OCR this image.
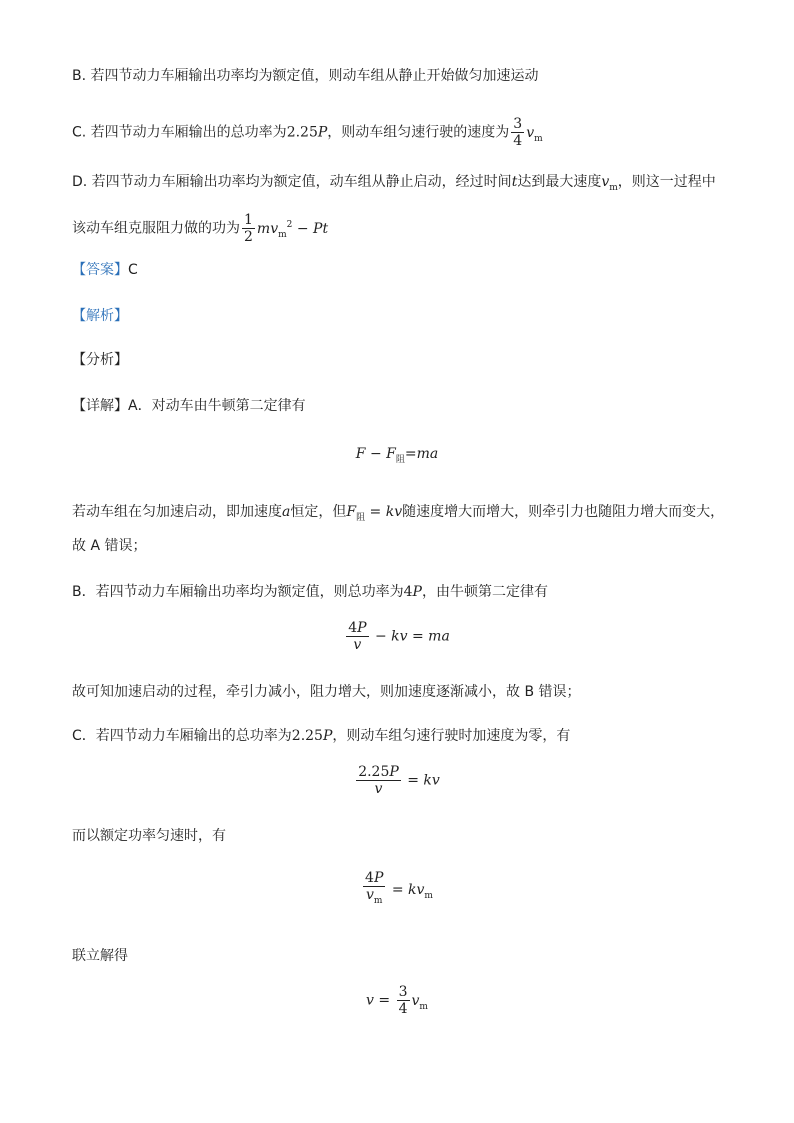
B. 若四节动力车厢输出功率均为额定值，则动车组从静止开始做匀加速运动
C. 若四节动力车厢输出的总功率为2.25P，则动车组匀速行驶的速度为 $\frac{3}{4} v_m$
D. 若四节动力车厢输出功率均为额定值，动车组从静止启动，经过时间t达到最大速度$v_m$，则这一过程中
该动车组克服阻力做的功为 $\frac{1}{2} mv_m^2 - Pt$
【答案】C
【解析】
【分析】
【详解】A．对动车由牛顿第二定律有
$F - F_阻=ma$
若动车组在匀加速启动，即加速度a恒定，但$F_阻$ = kv随速度增大而增大，则牵引力也随阻力增大而变大，
故 A 错误；
B．若四节动力车厢输出功率均为额定值，则总功率为4P，由牛顿第二定律有
$\frac{4P}{v}$ − kv = ma
故可知加速启动的过程，牵引力减小，阻力增大，则加速度逐渐减小，故 B 错误；
C．若四节动力车厢输出的总功率为2.25P，则动车组匀速行驶时加速度为零，有
$\frac{2.25P}{v}$ = kv
而以额定功率匀速时，有
$\frac{4P}{v_m} = kv_m$
联立解得
$v = \frac{3}{4} v_m$
